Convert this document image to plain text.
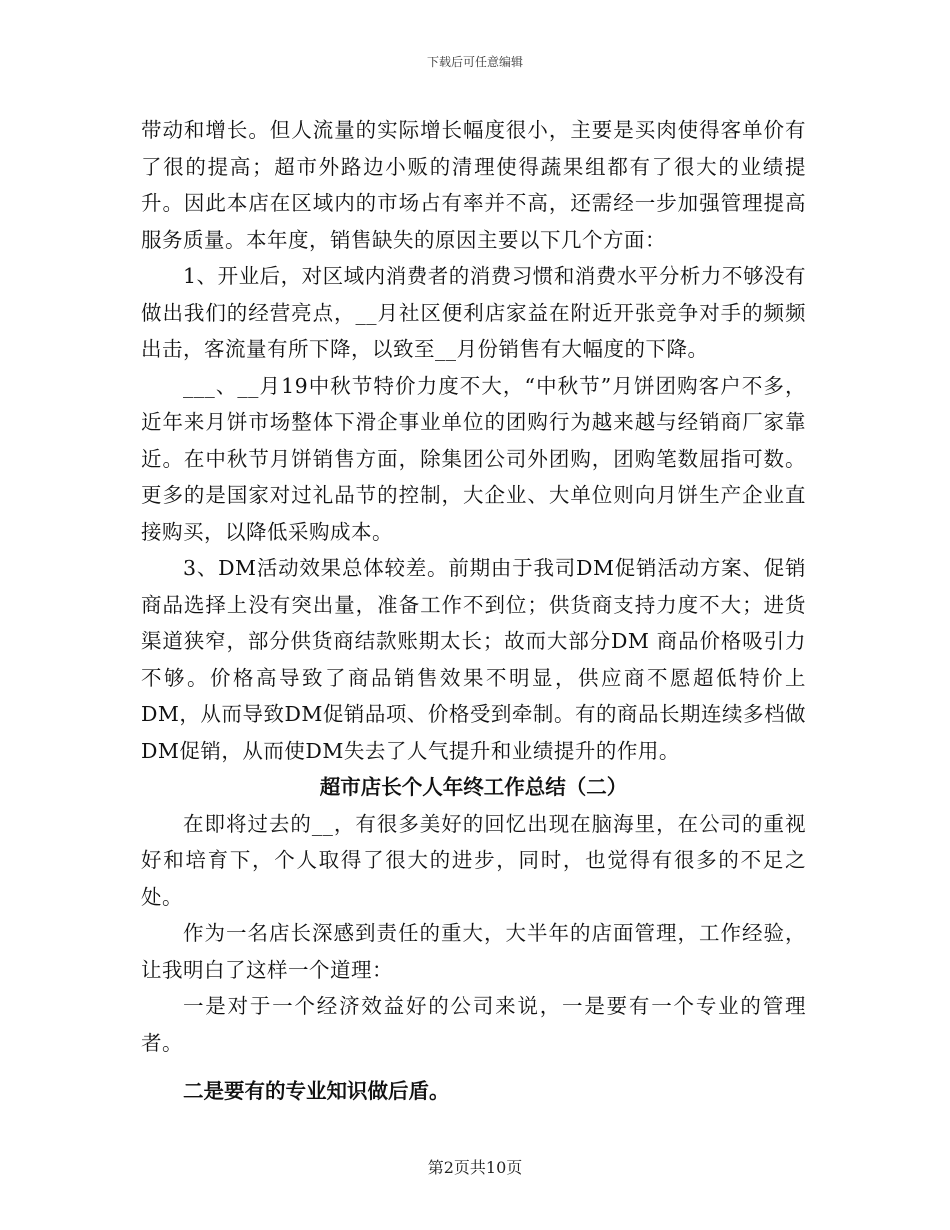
下载后可任意编辑

带动和增长。但人流量的实际增长幅度很小，主要是买肉使得客单价有了很的提高；超市外路边小贩的清理使得蔬果组都有了很大的业绩提升。因此本店在区域内的市场占有率并不高，还需经一步加强管理提高服务质量。本年度，销售缺失的原因主要以下几个方面：

1、开业后，对区域内消费者的消费习惯和消费水平分析力不够没有做出我们的经营亮点，__月社区便利店家益在附近开张竞争对手的频频出击，客流量有所下降，以致至__月份销售有大幅度的下降。

___、__月19中秋节特价力度不大，“中秋节”月饼团购客户不多，近年来月饼市场整体下滑企事业单位的团购行为越来越与经销商厂家靠近。在中秋节月饼销售方面，除集团公司外团购，团购笔数屈指可数。更多的是国家对过礼品节的控制，大企业、大单位则向月饼生产企业直接购买，以降低采购成本。

3、DM活动效果总体较差。前期由于我司DM促销活动方案、促销商品选择上没有突出量，准备工作不到位；供货商支持力度不大；进货渠道狭窄，部分供货商结款账期太长；故而大部分DM 商品价格吸引力不够。价格高导致了商品销售效果不明显，供应商不愿超低特价上DM，从而导致DM促销品项、价格受到牵制。有的商品长期连续多档做DM促销，从而使DM失去了人气提升和业绩提升的作用。

超市店长个人年终工作总结（二）

在即将过去的__，有很多美好的回忆出现在脑海里，在公司的重视好和培育下，个人取得了很大的进步，同时，也觉得有很多的不足之处。

作为一名店长深感到责任的重大，大半年的店面管理，工作经验，让我明白了这样一个道理：

一是对于一个经济效益好的公司来说，一是要有一个专业的管理者。

二是要有的专业知识做后盾。

第2页共10页
